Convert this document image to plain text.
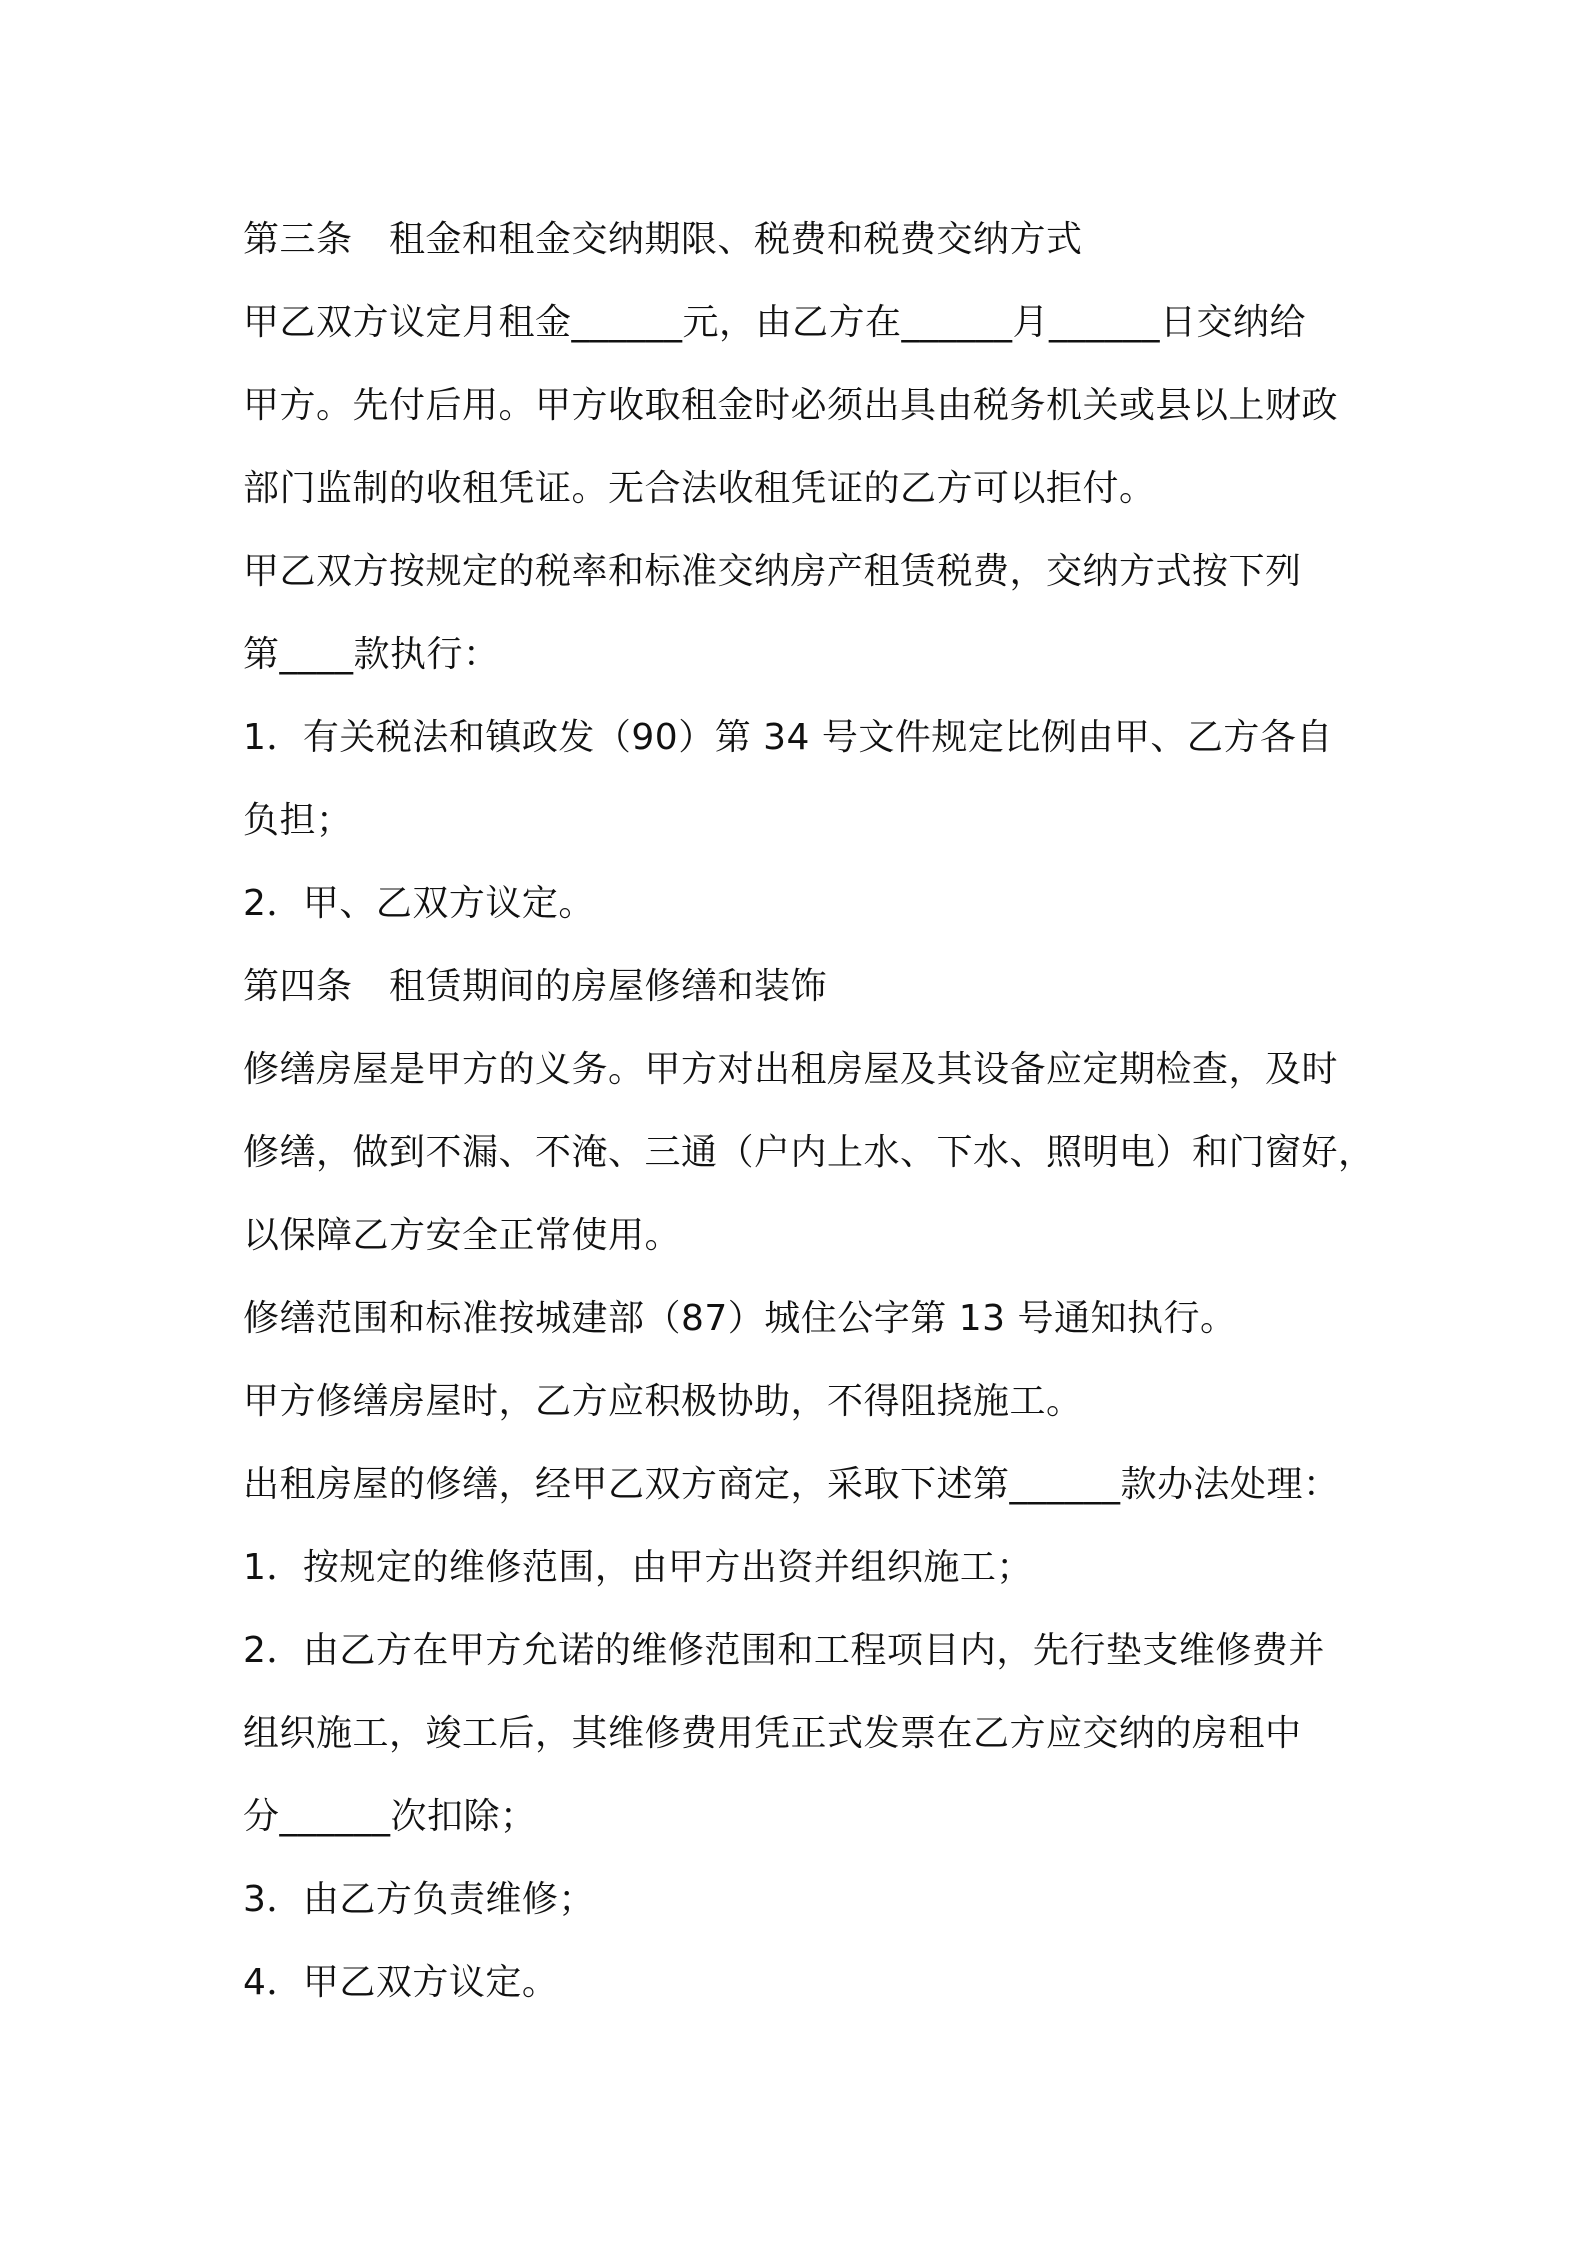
第三条　租金和租金交纳期限、税费和税费交纳方式
甲乙双方议定月租金______元，由乙方在______月______日交纳给
甲方。先付后用。甲方收取租金时必须出具由税务机关或县以上财政
部门监制的收租凭证。无合法收租凭证的乙方可以拒付。
甲乙双方按规定的税率和标准交纳房产租赁税费，交纳方式按下列
第____款执行：
1．有关税法和镇政发（90）第 34 号文件规定比例由甲、乙方各自
负担；
2．甲、乙双方议定。
第四条　租赁期间的房屋修缮和装饰
修缮房屋是甲方的义务。甲方对出租房屋及其设备应定期检查，及时
修缮，做到不漏、不淹、三通（户内上水、下水、照明电）和门窗好，
以保障乙方安全正常使用。
修缮范围和标准按城建部（87）城住公字第 13 号通知执行。
甲方修缮房屋时，乙方应积极协助，不得阻挠施工。
出租房屋的修缮，经甲乙双方商定，采取下述第______款办法处理：
1．按规定的维修范围，由甲方出资并组织施工；
2．由乙方在甲方允诺的维修范围和工程项目内，先行垫支维修费并
组织施工，竣工后，其维修费用凭正式发票在乙方应交纳的房租中
分______次扣除；
3．由乙方负责维修；
4．甲乙双方议定。
